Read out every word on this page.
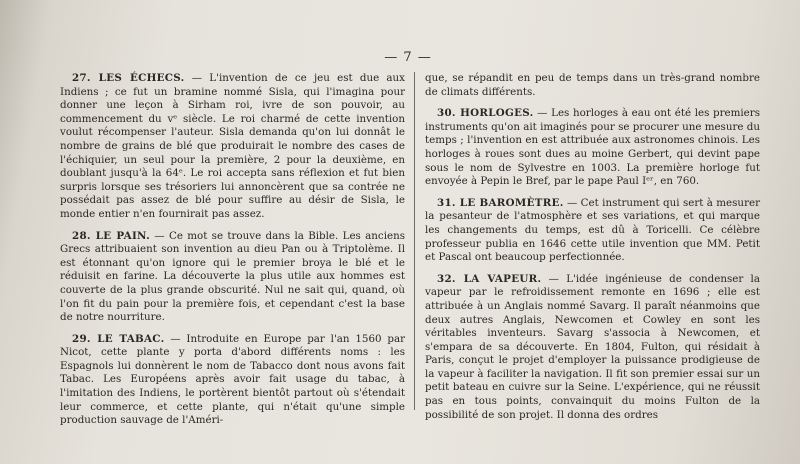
— 7 —

27. LES ÉCHECS. — L'invention de ce jeu est due aux Indiens ; ce fut un bramine nommé Sisla, qui l'imagina pour donner une leçon à Sirham roi, ivre de son pouvoir, au commencement du vᵉ siècle. Le roi charmé de cette invention voulut récompenser l'auteur. Sisla demanda qu'on lui donnât le nombre de grains de blé que produirait le nombre des cases de l'échiquier, un seul pour la première, 2 pour la deuxième, en doublant jusqu'à la 64ᵉ. Le roi accepta sans réflexion et fut bien surpris lorsque ses trésoriers lui annoncèrent que sa contrée ne possédait pas assez de blé pour suffire au désir de Sisla, le monde entier n'en fournirait pas assez.

28. LE PAIN. — Ce mot se trouve dans la Bible. Les anciens Grecs attribuaient son invention au dieu Pan ou à Triptolème. Il est étonnant qu'on ignore qui le premier broya le blé et le réduisit en farine. La découverte la plus utile aux hommes est couverte de la plus grande obscurité. Nul ne sait qui, quand, où l'on fit du pain pour la première fois, et cependant c'est la base de notre nourriture.

29. LE TABAC. — Introduite en Europe par l'an 1560 par Nicot, cette plante y porta d'abord différents noms : les Espagnols lui donnèrent le nom de Tabacco dont nous avons fait Tabac. Les Européens après avoir fait usage du tabac, à l'imitation des Indiens, le portèrent bientôt partout où s'étendait leur commerce, et cette plante, qui n'était qu'une simple production sauvage de l'Améri-

que, se répandit en peu de temps dans un très-grand nombre de climats différents.

30. HORLOGES. — Les horloges à eau ont été les premiers instruments qu'on ait imaginés pour se procurer une mesure du temps ; l'invention en est attribuée aux astronomes chinois. Les horloges à roues sont dues au moine Gerbert, qui devint pape sous le nom de Sylvestre en 1003. La première horloge fut envoyée à Pepin le Bref, par le pape Paul Iᵉʳ, en 760.

31. LE BAROMÈTRE. — Cet instrument qui sert à mesurer la pesanteur de l'atmosphère et ses variations, et qui marque les changements du temps, est dû à Toricelli. Ce célèbre professeur publia en 1646 cette utile invention que MM. Petit et Pascal ont beaucoup perfectionnée.

32. LA VAPEUR. — L'idée ingénieuse de condenser la vapeur par le refroidissement remonte en 1696 ; elle est attribuée à un Anglais nommé Savarg. Il paraît néanmoins que deux autres Anglais, Newcomen et Cowley en sont les véritables inventeurs. Savarg s'associa à Newcomen, et s'empara de sa découverte. En 1804, Fulton, qui résidait à Paris, conçut le projet d'employer la puissance prodigieuse de la vapeur à faciliter la navigation. Il fit son premier essai sur un petit bateau en cuivre sur la Seine. L'expérience, qui ne réussit pas en tous points, convainquit du moins Fulton de la possibilité de son projet. Il donna des ordres
